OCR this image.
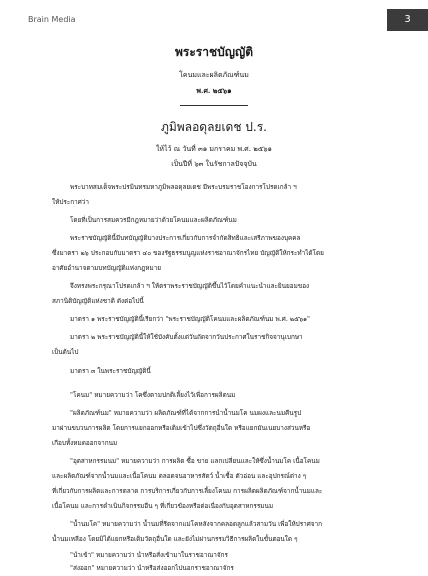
Brain Media	3
พระราชบัญญัติ
โคนมและผลิตภัณฑ์นม
พ.ศ. ๒๕๖๑
ภูมิพลอดุลยเดช ป.ร.
ให้ไว้ ณ วันที่ ๓๑ มกราคม พ.ศ. ๒๕๖๑
เป็นปีที่ ๖๓ ในรัชกาลปัจจุบัน
พระบาทสมเด็จพระปรมินทรมหาภูมิพลอดุลยเดช มีพระบรมราชโองการโปรดเกล้า ฯ
ให้ประกาศว่า
โดยที่เป็นการสมควรมีกฎหมายว่าด้วยโคนมและผลิตภัณฑ์นม
พระราชบัญญัตินี้มีบทบัญญัติบางประการเกี่ยวกับการจำกัดสิทธิและเสรีภาพของบุคคล
ซึ่งมาตรา ๒๖ ประกอบกับมาตรา ๔๐ ของรัฐธรรมนูญแห่งราชอาณาจักรไทย บัญญัติให้กระทำได้โดย
อาศัยอำนาจตามบทบัญญัติแห่งกฎหมาย
จึงทรงพระกรุณาโปรดเกล้า ฯ ให้ตราพระราชบัญญัติขึ้นไว้โดยคำแนะนำและยินยอมของ
สภานิติบัญญัติแห่งชาติ ดังต่อไปนี้
มาตรา ๑ พระราชบัญญัตินี้เรียกว่า "พระราชบัญญัติโคนมและผลิตภัณฑ์นม พ.ศ. ๒๕๖๑"
มาตรา ๒ พระราชบัญญัตินี้ให้ใช้บังคับตั้งแต่วันถัดจากวันประกาศในราชกิจจานุเบกษา
เป็นต้นไป
มาตรา ๓ ในพระราชบัญญัตินี้
"โคนม" หมายความว่า โคซึ่งตามปกติเลี้ยงไว้เพื่อการผลิตนม
"ผลิตภัณฑ์นม" หมายความว่า ผลิตภัณฑ์ที่ได้จากการนำน้ำนมโค นมผงและนมคืนรูป
มาผ่านขบวนการผลิต โดยการแยกออกหรือเติมเข้าไปซึ่งวัตถุอื่นใด หรือแยกมันเนยบางส่วนหรือ
เกือบทั้งหมดออกจากนม
"อุตสาหกรรมนม" หมายความว่า การผลิต ซื้อ ขาย แลกเปลี่ยนและให้ซึ่งน้ำนมโค เนื้อโคนม
และผลิตภัณฑ์จากน้ำนมและเนื้อโคนม ตลอดจนอาหารสัตว์ น้ำเชื้อ ตัวอ่อน และอุปกรณ์ต่าง ๆ
ที่เกี่ยวกับการผลิตและการตลาด การบริการเกี่ยวกับการเลี้ยงโคนม การผลิตผลิตภัณฑ์จากน้ำนมและ
เนื้อโคนม และการดำเนินกิจกรรมอื่น ๆ ที่เกี่ยวข้องหรือต่อเนื่องกับอุตสาหกรรมนม
"น้ำนมโค" หมายความว่า น้ำนมที่รีดจากแม่โคหลังจากคลอดลูกแล้วสามวัน เพื่อให้ปราศจาก
น้ำนมเหลือง โดยมิได้แยกหรือเติมวัตถุอื่นใด และยังไม่ผ่านกรรมวิธีการผลิตในขั้นตอนใด ๆ
"นำเข้า" หมายความว่า นำหรือสั่งเข้ามาในราชอาณาจักร
"ส่งออก" หมายความว่า นำหรือส่งออกไปนอกราชอาณาจักร
